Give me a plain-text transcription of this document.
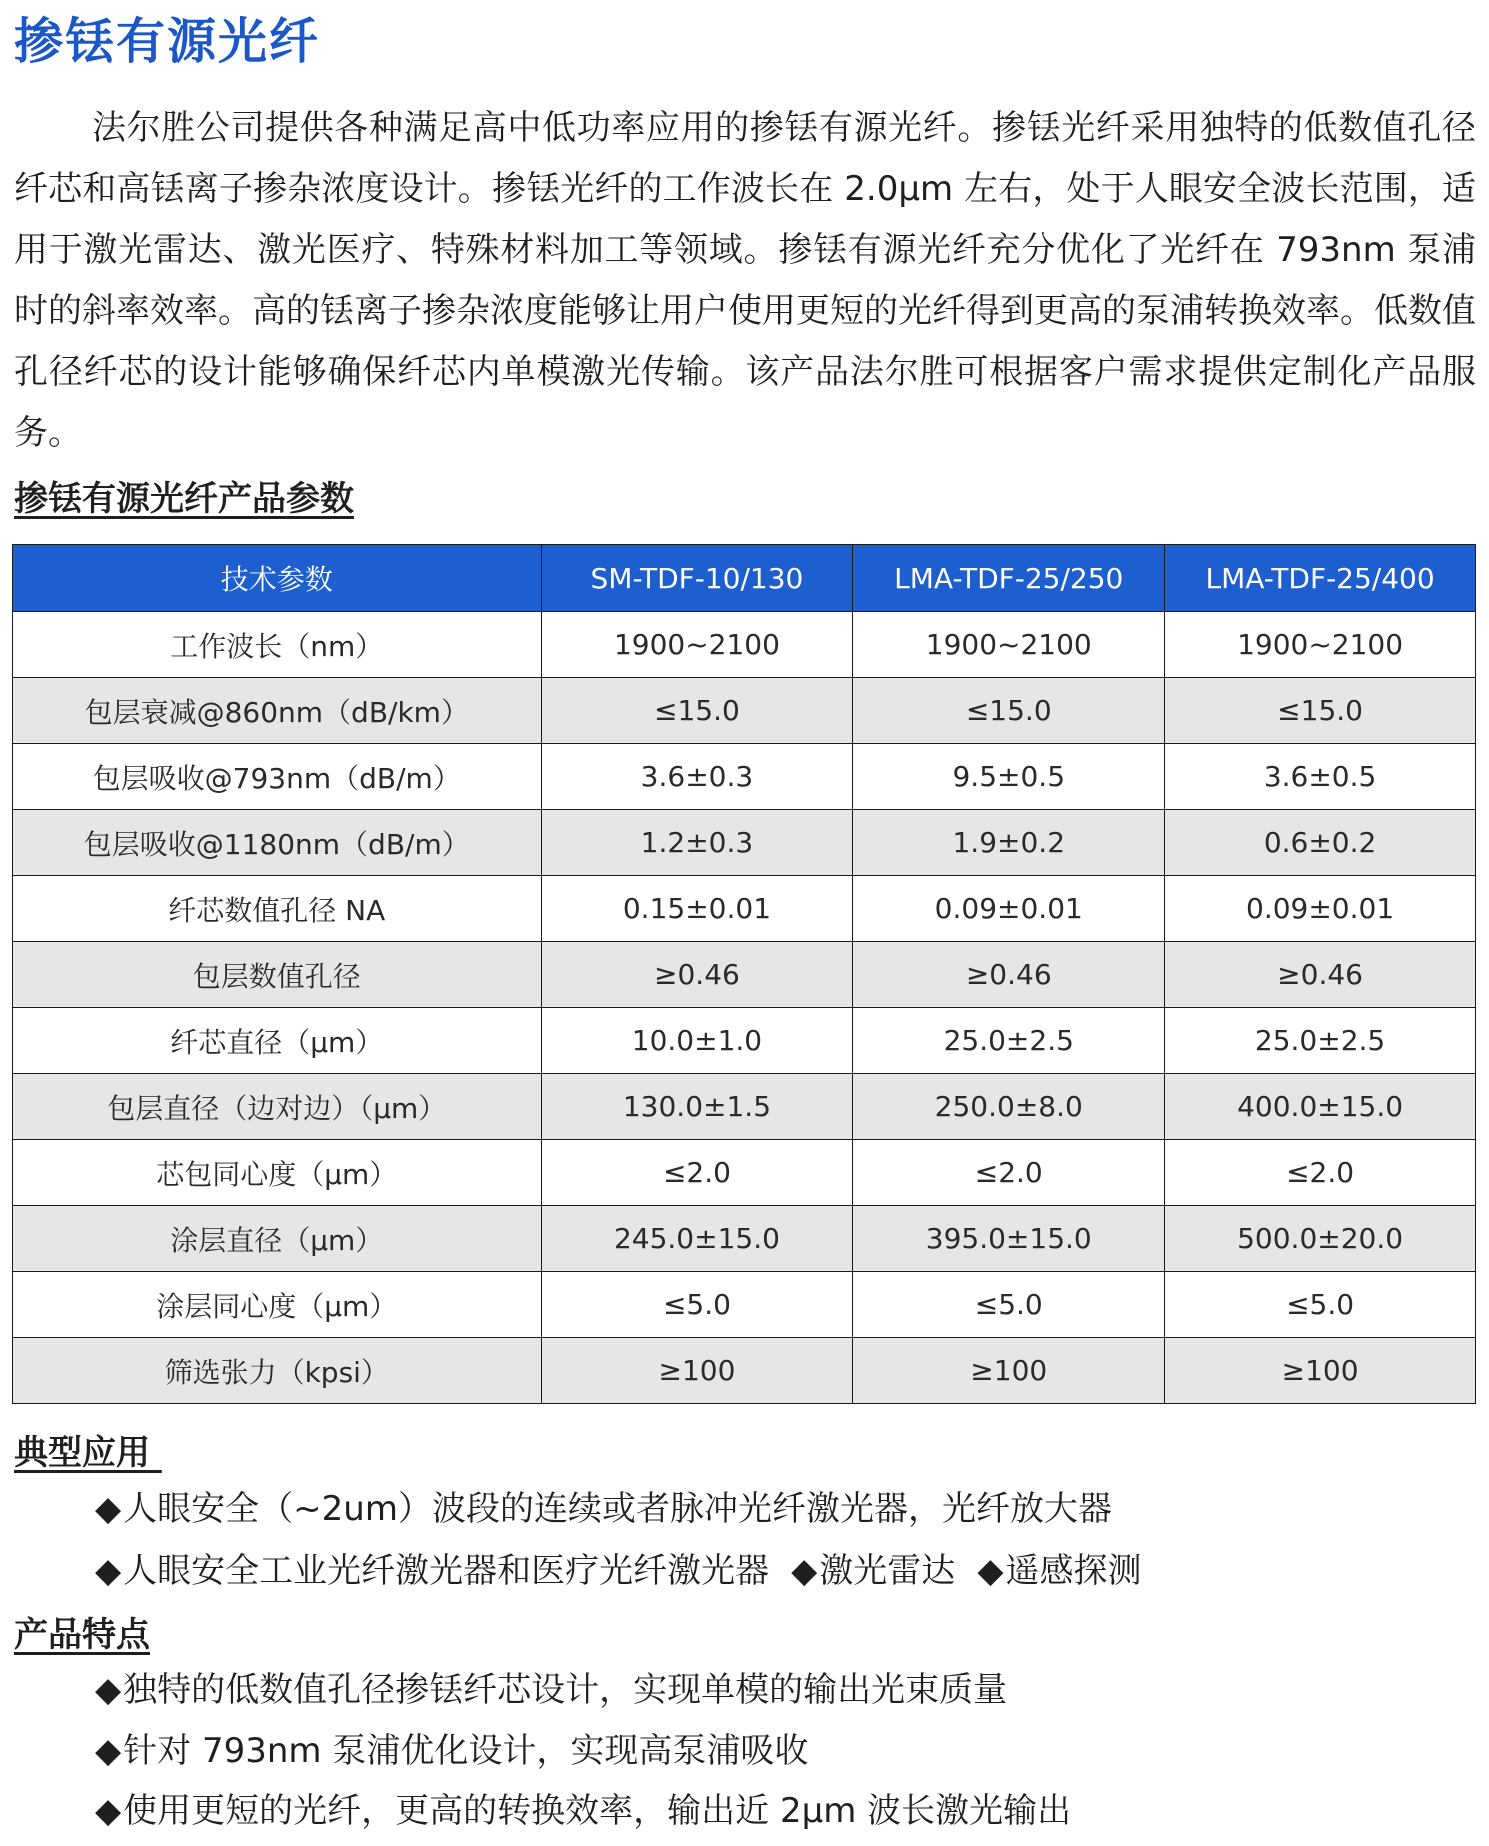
掺铥有源光纤

法尔胜公司提供各种满足高中低功率应用的掺铥有源光纤。掺铥光纤采用独特的低数值孔径纤芯和高铥离子掺杂浓度设计。掺铥光纤的工作波长在 2.0μm 左右，处于人眼安全波长范围，适用于激光雷达、激光医疗、特殊材料加工等领域。掺铥有源光纤充分优化了光纤在 793nm 泵浦时的斜率效率。高的铥离子掺杂浓度能够让用户使用更短的光纤得到更高的泵浦转换效率。低数值孔径纤芯的设计能够确保纤芯内单模激光传输。该产品法尔胜可根据客户需求提供定制化产品服务。

掺铥有源光纤产品参数
技术参数	SM-TDF-10/130	LMA-TDF-25/250	LMA-TDF-25/400
工作波长（nm）	1900~2100	1900~2100	1900~2100
包层衰减@860nm（dB/km）	≤15.0	≤15.0	≤15.0
包层吸收@793nm（dB/m）	3.6±0.3	9.5±0.5	3.6±0.5
包层吸收@1180nm（dB/m）	1.2±0.3	1.9±0.2	0.6±0.2
纤芯数值孔径 NA	0.15±0.01	0.09±0.01	0.09±0.01
包层数值孔径	≥0.46	≥0.46	≥0.46
纤芯直径（μm）	10.0±1.0	25.0±2.5	25.0±2.5
包层直径（边对边）（μm）	130.0±1.5	250.0±8.0	400.0±15.0
芯包同心度（μm）	≤2.0	≤2.0	≤2.0
涂层直径（μm）	245.0±15.0	395.0±15.0	500.0±20.0
涂层同心度（μm）	≤5.0	≤5.0	≤5.0
筛选张力（kpsi）	≥100	≥100	≥100
典型应用
◆人眼安全（~2um）波段的连续或者脉冲光纤激光器，光纤放大器
◆人眼安全工业光纤激光器和医疗光纤激光器 ◆激光雷达 ◆遥感探测
产品特点
◆独特的低数值孔径掺铥纤芯设计，实现单模的输出光束质量
◆针对 793nm 泵浦优化设计，实现高泵浦吸收
◆使用更短的光纤，更高的转换效率，输出近 2μm 波长激光输出
